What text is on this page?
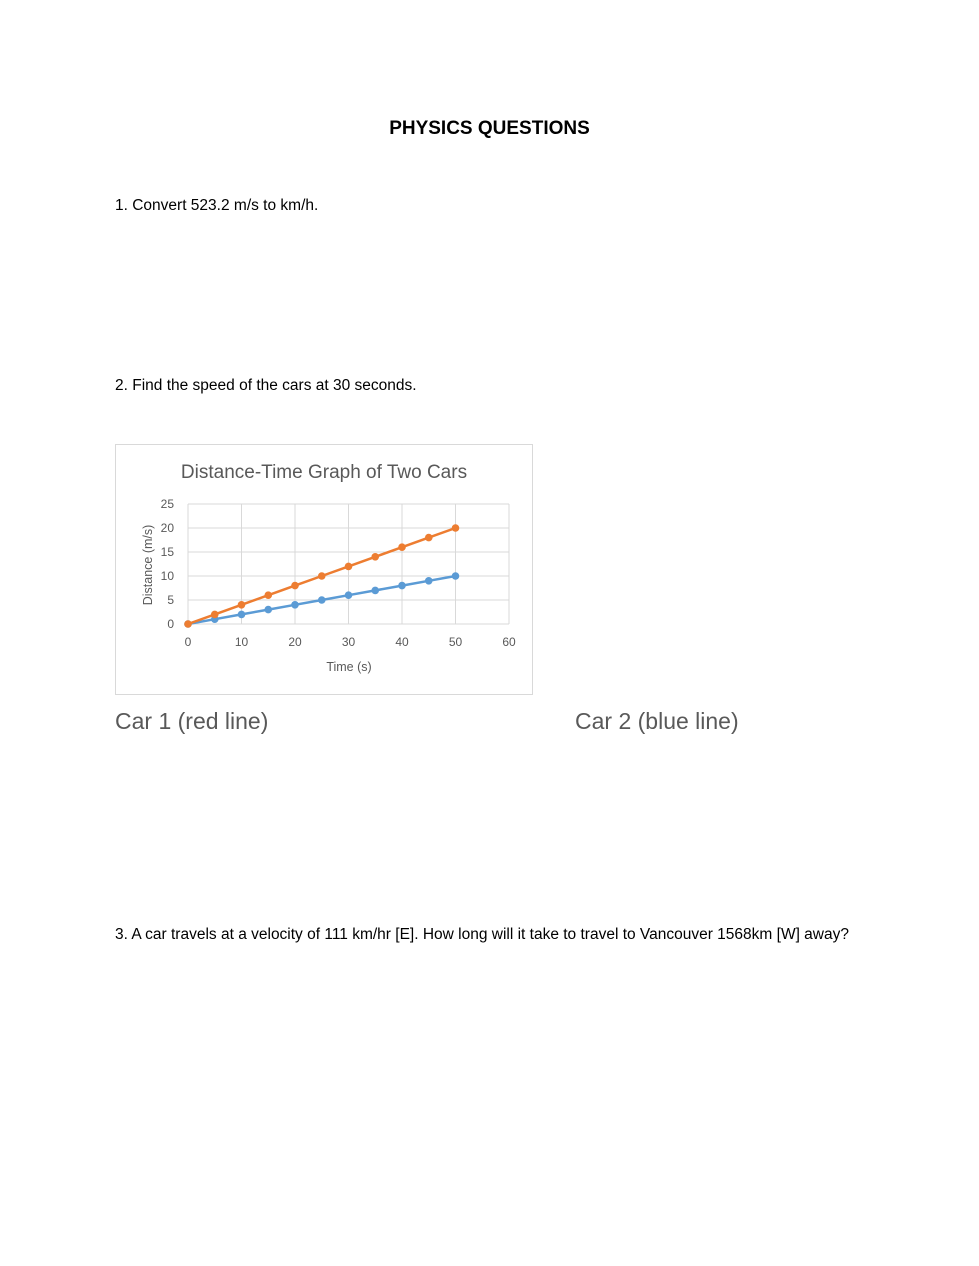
PHYSICS QUESTIONS
1. Convert 523.2 m/s to km/h.
2. Find the speed of the cars at 30 seconds.
Distance-Time Graph of Two Cars
0
5
10
15
20
25
0	10	20	30	40	50	60
Time (s)
Distance (m/s)
Car 1 (red line)	Car 2 (blue line)
3. A car travels at a velocity of 111 km/hr [E]. How long will it take to travel to Vancouver 1568km [W] away?
